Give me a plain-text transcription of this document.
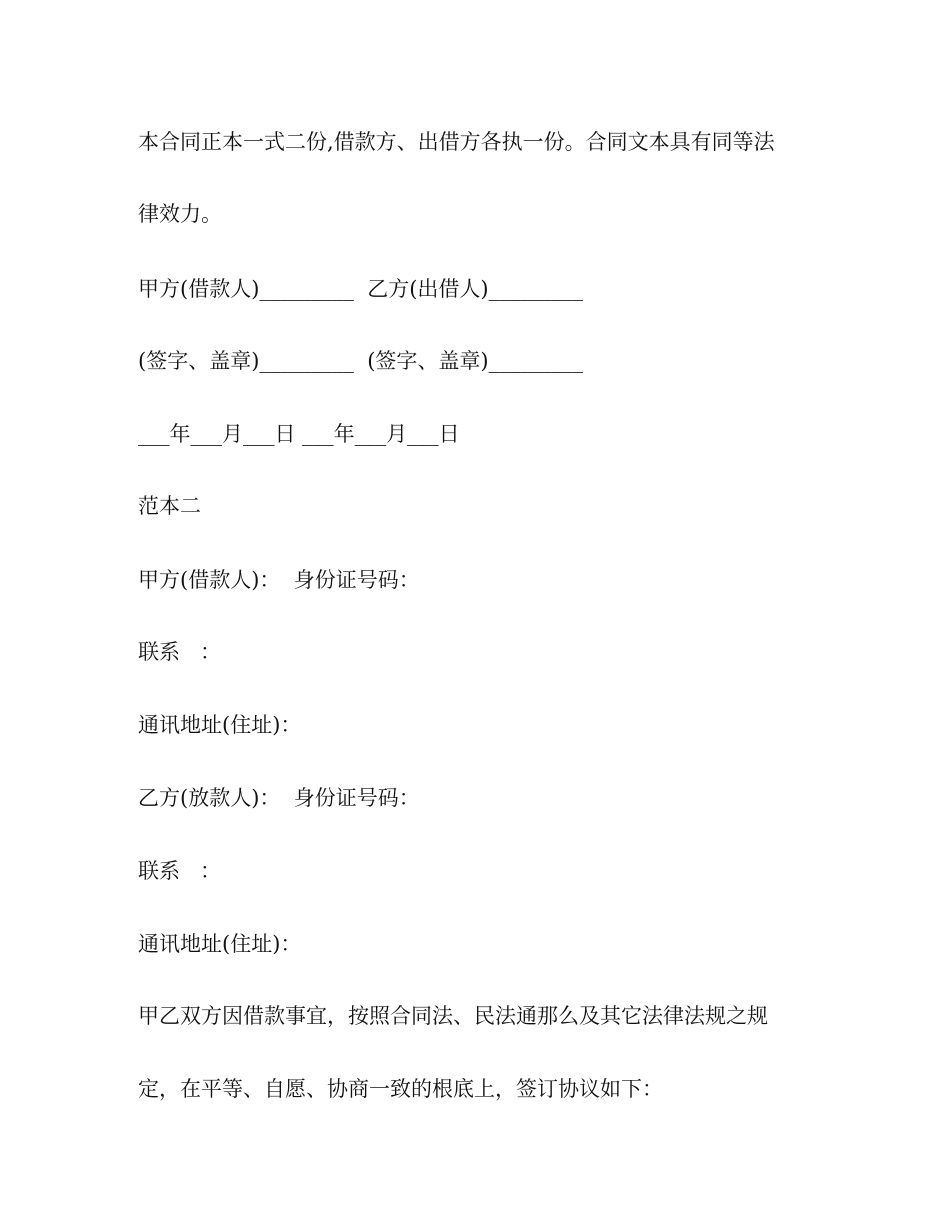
本合同正本一式二份,借款方、出借方各执一份。合同文本具有同等法

律效力。

甲方(借款人)_________  乙方(出借人)_________

(签字、盖章)_________  (签字、盖章)_________

___年___月___日 ___年___月___日

范本二

甲方(借款人)：  身份证号码：

联系   ：

通讯地址(住址)：

乙方(放款人)：  身份证号码：

联系   ：

通讯地址(住址)：

甲乙双方因借款事宜，按照合同法、民法通那么及其它法律法规之规

定，在平等、自愿、协商一致的根底上，签订协议如下：
